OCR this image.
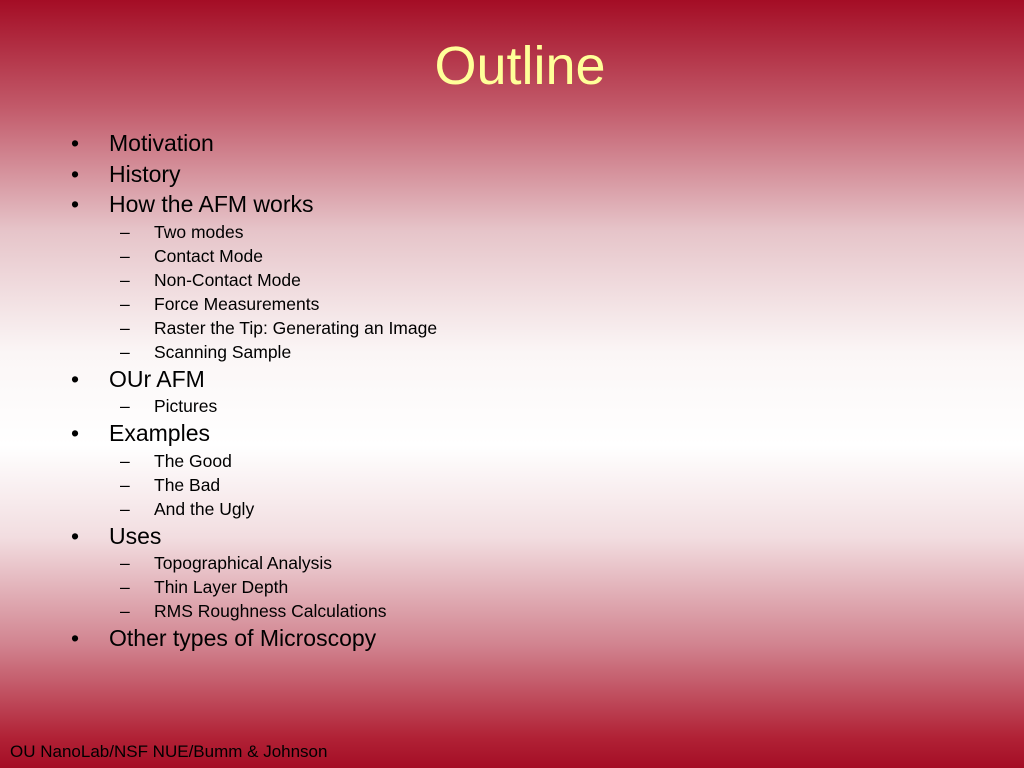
Outline
• Motivation

• History

• How the AFM works

– Two modes

– Contact Mode

– Non-Contact Mode

– Force Measurements

– Raster the Tip: Generating an Image

– Scanning Sample

• OUr AFM

– Pictures

• Examples

– The Good

– The Bad

– And the Ugly

• Uses

– Topographical Analysis

– Thin Layer Depth

– RMS Roughness Calculations

• Other types of Microscopy

OU NanoLab/NSF NUE/Bumm & Johnson
